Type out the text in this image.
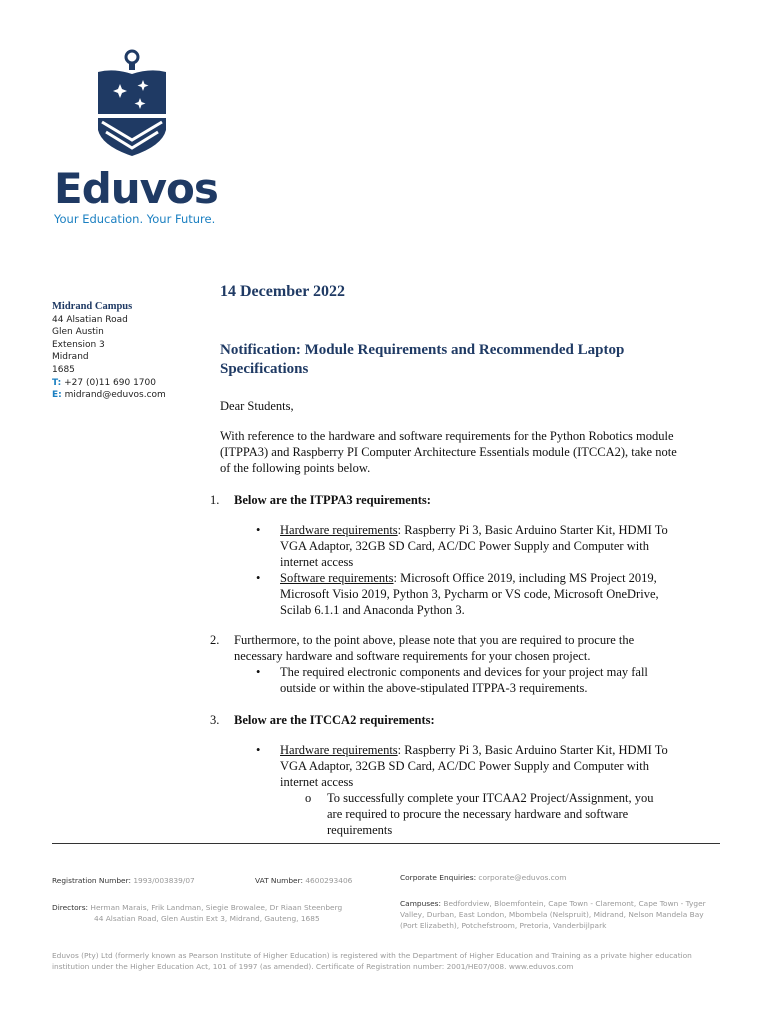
Eduvos
Your Education. Your Future.
Midrand Campus
44 Alsatian Road
Glen Austin
Extension 3
Midrand
1685
T: +27 (0)11 690 1700
E: midrand@eduvos.com
14 December 2022
Notification: Module Requirements and Recommended Laptop Specifications
Dear Students,
With reference to the hardware and software requirements for the Python Robotics module (ITPPA3) and Raspberry PI Computer Architecture Essentials module (ITCCA2), take note of the following points below.
1. Below are the ITPPA3 requirements:
• Hardware requirements: Raspberry Pi 3, Basic Arduino Starter Kit, HDMI To VGA Adaptor, 32GB SD Card, AC/DC Power Supply and Computer with internet access
• Software requirements: Microsoft Office 2019, including MS Project 2019, Microsoft Visio 2019, Python 3, Pycharm or VS code, Microsoft OneDrive, Scilab 6.1.1 and Anaconda Python 3.
2. Furthermore, to the point above, please note that you are required to procure the necessary hardware and software requirements for your chosen project.
• The required electronic components and devices for your project may fall outside or within the above-stipulated ITPPA-3 requirements.
3. Below are the ITCCA2 requirements:
• Hardware requirements: Raspberry Pi 3, Basic Arduino Starter Kit, HDMI To VGA Adaptor, 32GB SD Card, AC/DC Power Supply and Computer with internet access
o To successfully complete your ITCAA2 Project/Assignment, you are required to procure the necessary hardware and software requirements
Registration Number: 1993/003839/07	VAT Number: 4600293406	Corporate Enquiries: corporate@eduvos.com
Directors: Herman Marais, Frik Landman, Siegie Browalee, Dr Riaan Steenberg
44 Alsatian Road, Glen Austin Ext 3, Midrand, Gauteng, 1685
Campuses: Bedfordview, Bloemfontein, Cape Town - Claremont, Cape Town - Tyger Valley, Durban, East London, Mbombela (Nelspruit), Midrand, Nelson Mandela Bay (Port Elizabeth), Potchefstroom, Pretoria, Vanderbijlpark
Eduvos (Pty) Ltd (formerly known as Pearson Institute of Higher Education) is registered with the Department of Higher Education and Training as a private higher education institution under the Higher Education Act, 101 of 1997 (as amended). Certificate of Registration number: 2001/HE07/008. www.eduvos.com
